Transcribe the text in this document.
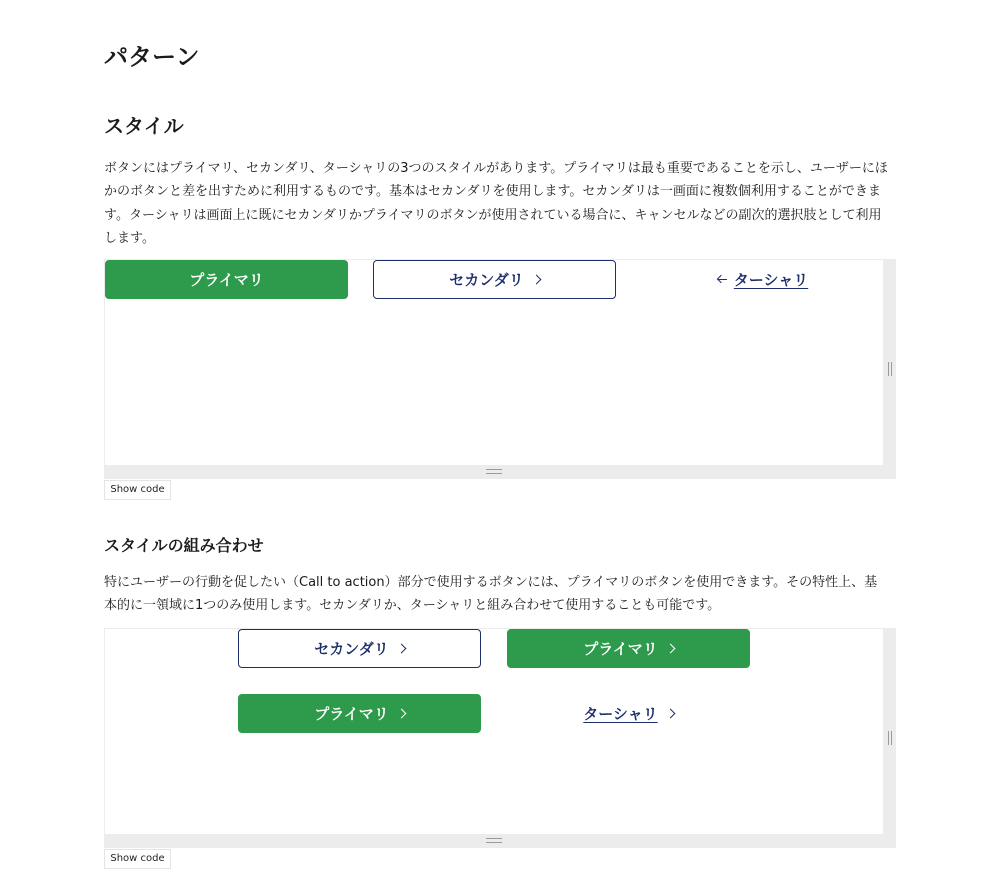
パターン
スタイル

ボタンにはプライマリ、セカンダリ、ターシャリの3つのスタイルがあります。プライマリは最も重要であることを示し、ユーザーにほかのボタンと差を出すために利用するものです。基本はセカンダリを使用します。セカンダリは一画面に複数個利用することができます。ターシャリは画面上に既にセカンダリかプライマリのボタンが使用されている場合に、キャンセルなどの副次的選択肢として利用します。

プライマリ	セカンダリ	ターシャリ
Show code
スタイルの組み合わせ

特にユーザーの行動を促したい（Call to action）部分で使用するボタンには、プライマリのボタンを使用できます。その特性上、基本的に一領域に1つのみ使用します。セカンダリか、ターシャリと組み合わせて使用することも可能です。

セカンダリ	プライマリ
プライマリ	ターシャリ
Show code
